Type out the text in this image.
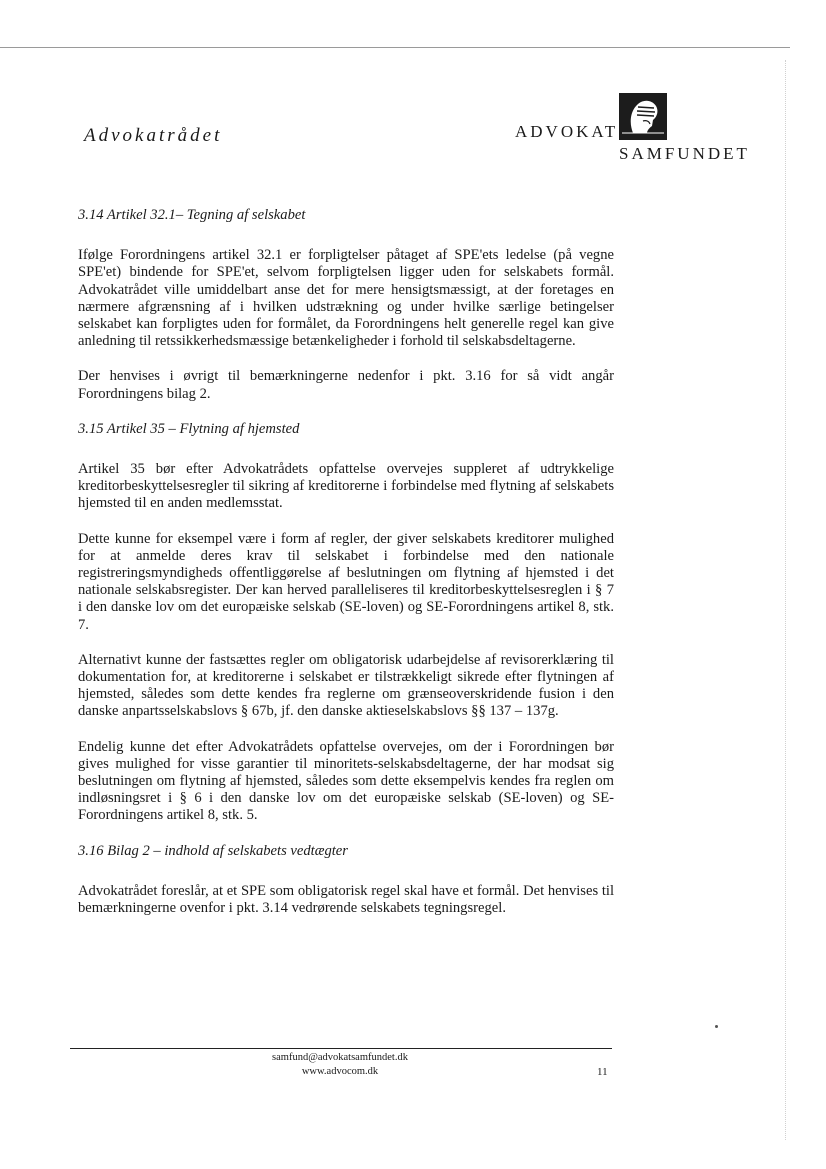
Advokatrådet	ADVOKAT
SAMFUNDET

3.14 Artikel 32.1– Tegning af selskabet

Ifølge Forordningens artikel 32.1 er forpligtelser påtaget af SPE'ets ledelse (på vegne SPE'et) bindende for SPE'et, selvom forpligtelsen ligger uden for selskabets formål. Advokatrådet ville umiddelbart anse det for mere hensigtsmæssigt, at der foretages en nærmere afgrænsning af i hvilken udstrækning og under hvilke særlige betingelser selskabet kan forpligtes uden for formålet, da Forordningens helt generelle regel kan give anledning til retssikkerhedsmæssige betænkeligheder i forhold til selskabsdeltagerne.

Der henvises i øvrigt til bemærkningerne nedenfor i pkt. 3.16 for så vidt angår Forordningens bilag 2.

3.15 Artikel 35 – Flytning af hjemsted

Artikel 35 bør efter Advokatrådets opfattelse overvejes suppleret af udtrykkelige kreditorbeskyttelsesregler til sikring af kreditorerne i forbindelse med flytning af selskabets hjemsted til en anden medlemsstat.

Dette kunne for eksempel være i form af regler, der giver selskabets kreditorer mulighed for at anmelde deres krav til selskabet i forbindelse med den nationale registreringsmyndigheds offentliggørelse af beslutningen om flytning af hjemsted i det nationale selskabsregister. Der kan herved paralleliseres til kreditorbeskyttelsesreglen i § 7 i den danske lov om det europæiske selskab (SE-loven) og SE-Forordningens artikel 8, stk. 7.

Alternativt kunne der fastsættes regler om obligatorisk udarbejdelse af revisorerklæring til dokumentation for, at kreditorerne i selskabet er tilstrækkeligt sikrede efter flytningen af hjemsted, således som dette kendes fra reglerne om grænseoverskridende fusion i den danske anpartsselskabslovs § 67b, jf. den danske aktieselskabslovs §§ 137 – 137g.

Endelig kunne det efter Advokatrådets opfattelse overvejes, om der i Forordningen bør gives mulighed for visse garantier til minoritets-selskabsdeltagerne, der har modsat sig beslutningen om flytning af hjemsted, således som dette eksempelvis kendes fra reglen om indløsningsret i § 6 i den danske lov om det europæiske selskab (SE-loven) og SE-Forordningens artikel 8, stk. 5.

3.16 Bilag 2 – indhold af selskabets vedtægter

Advokatrådet foreslår, at et SPE som obligatorisk regel skal have et formål. Det henvises til bemærkningerne ovenfor i pkt. 3.14 vedrørende selskabets tegningsregel.

samfund@advokatsamfundet.dk
www.advocom.dk	11
